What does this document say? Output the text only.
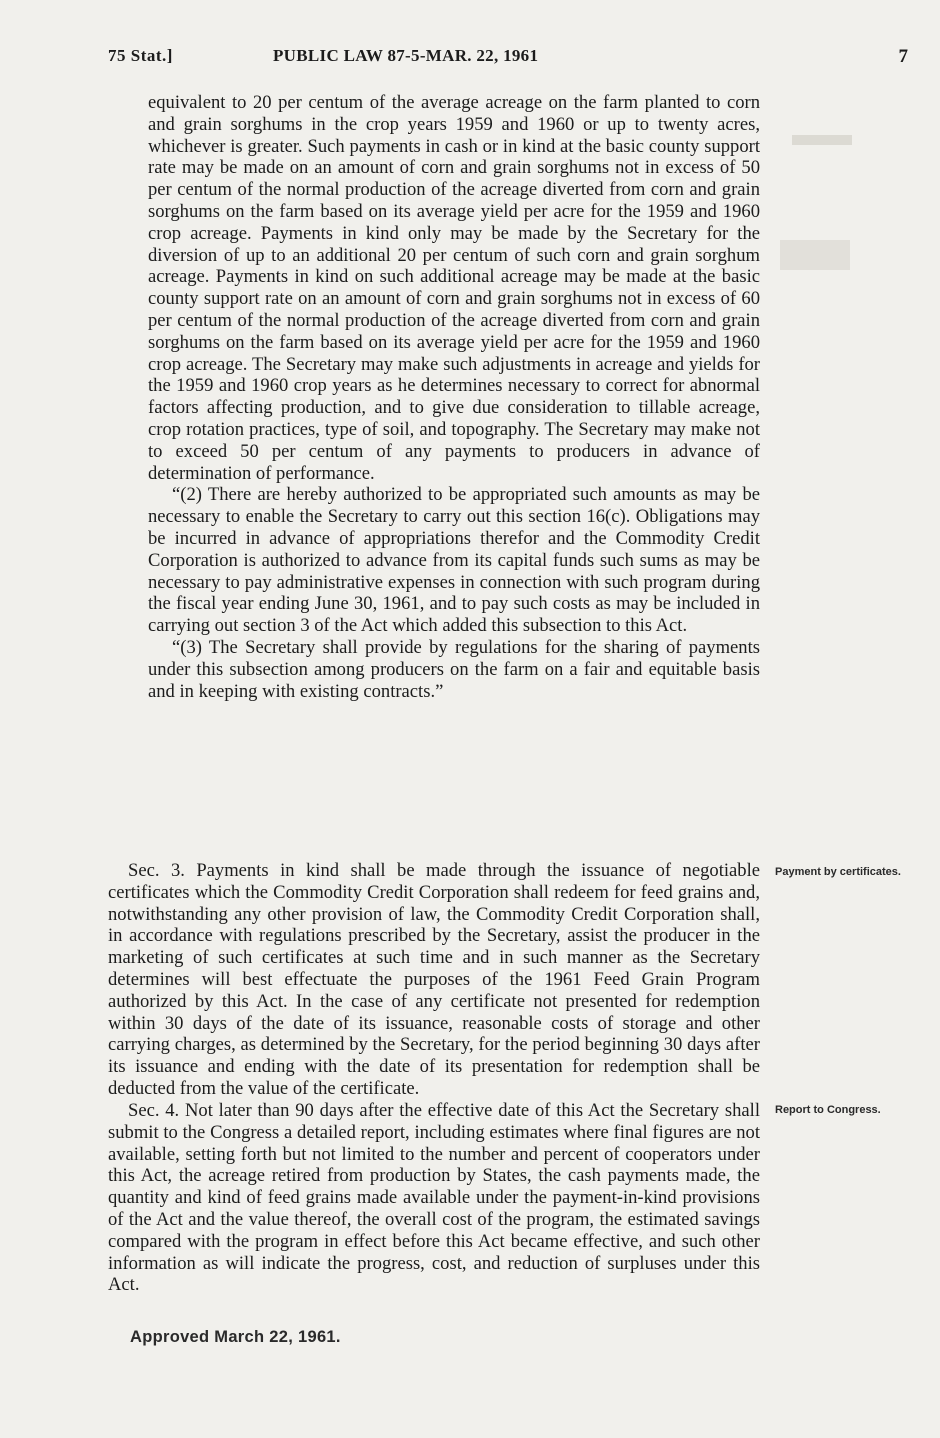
75 Stat.]	PUBLIC LAW 87-5-MAR. 22, 1961	7

equivalent to 20 per centum of the average acreage on the farm planted to corn and grain sorghums in the crop years 1959 and 1960 or up to twenty acres, whichever is greater. Such payments in cash or in kind at the basic county support rate may be made on an amount of corn and grain sorghums not in excess of 50 per centum of the normal production of the acreage diverted from corn and grain sorghums on the farm based on its average yield per acre for the 1959 and 1960 crop acreage. Payments in kind only may be made by the Secretary for the diversion of up to an additional 20 per centum of such corn and grain sorghum acreage. Payments in kind on such additional acreage may be made at the basic county support rate on an amount of corn and grain sorghums not in excess of 60 per centum of the normal production of the acreage diverted from corn and grain sorghums on the farm based on its average yield per acre for the 1959 and 1960 crop acreage. The Secretary may make such adjustments in acreage and yields for the 1959 and 1960 crop years as he determines necessary to correct for abnormal factors affecting production, and to give due consideration to tillable acreage, crop rotation practices, type of soil, and topography. The Secretary may make not to exceed 50 per centum of any payments to producers in advance of determination of performance.

“(2) There are hereby authorized to be appropriated such amounts as may be necessary to enable the Secretary to carry out this section 16(c). Obligations may be incurred in advance of appropriations therefor and the Commodity Credit Corporation is authorized to advance from its capital funds such sums as may be necessary to pay administrative expenses in connection with such program during the fiscal year ending June 30, 1961, and to pay such costs as may be included in carrying out section 3 of the Act which added this subsection to this Act.

“(3) The Secretary shall provide by regulations for the sharing of payments under this subsection among producers on the farm on a fair and equitable basis and in keeping with existing contracts.”

Sec. 3. Payments in kind shall be made through the issuance of negotiable certificates which the Commodity Credit Corporation shall redeem for feed grains and, notwithstanding any other provision of law, the Commodity Credit Corporation shall, in accordance with regulations prescribed by the Secretary, assist the producer in the marketing of such certificates at such time and in such manner as the Secretary determines will best effectuate the purposes of the 1961 Feed Grain Program authorized by this Act. In the case of any certificate not presented for redemption within 30 days of the date of its issuance, reasonable costs of storage and other carrying charges, as determined by the Secretary, for the period beginning 30 days after its issuance and ending with the date of its presentation for redemption shall be deducted from the value of the certificate.

Payment by certificates.

Sec. 4. Not later than 90 days after the effective date of this Act the Secretary shall submit to the Congress a detailed report, including estimates where final figures are not available, setting forth but not limited to the number and percent of cooperators under this Act, the acreage retired from production by States, the cash payments made, the quantity and kind of feed grains made available under the payment-in-kind provisions of the Act and the value thereof, the overall cost of the program, the estimated savings compared with the program in effect before this Act became effective, and such other information as will indicate the progress, cost, and reduction of surpluses under this Act.

Report to Congress.
Approved March 22, 1961.
